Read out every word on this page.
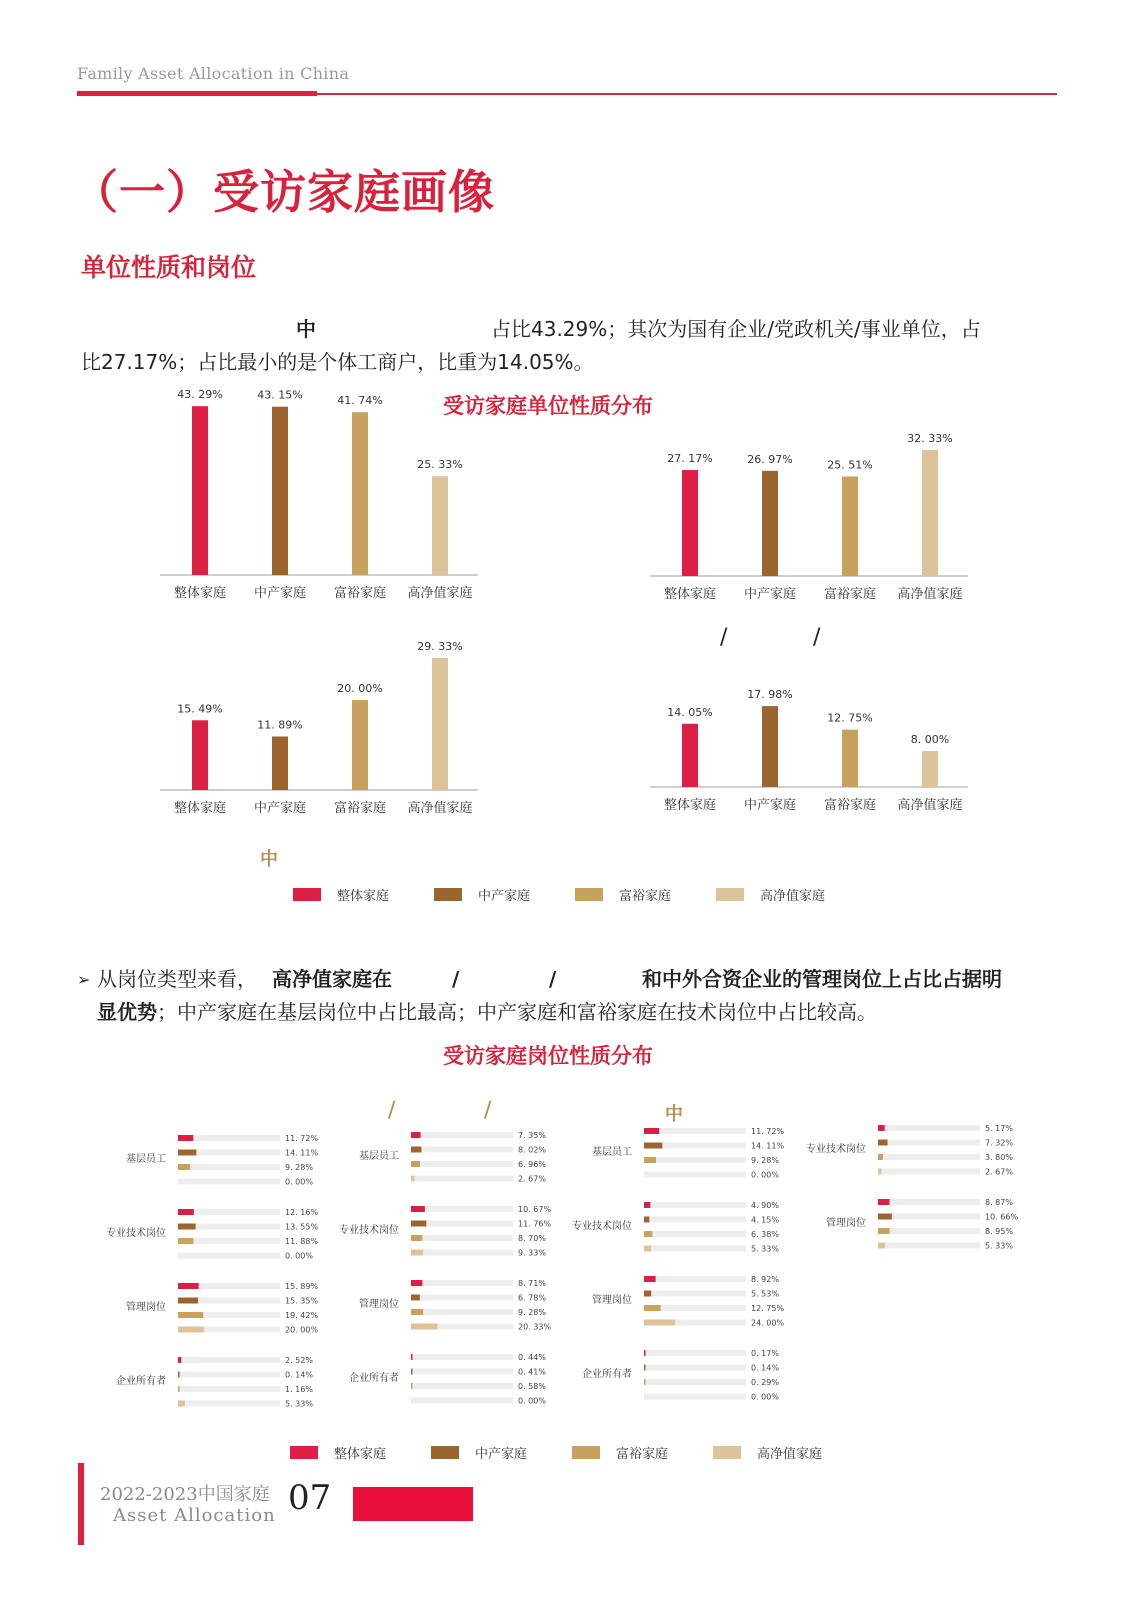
Family Asset Allocation in China
（一）受访家庭画像
单位性质和岗位
中	占比43.29%；其次为国有企业/党政机关/事业单位，占
比27.17%；占比最小的是个体工商户，比重为14.05%。
受访家庭单位性质分布
43. 29%
整体家庭
43. 15%
中产家庭
41. 74%
富裕家庭
25. 33%
高净值家庭
27. 17%
整体家庭
26. 97%
中产家庭
25. 51%
富裕家庭
32. 33%
高净值家庭
15. 49%
整体家庭
11. 89%
中产家庭
20. 00%
富裕家庭
29. 33%
高净值家庭
14. 05%
整体家庭
17. 98%
中产家庭
12. 75%
富裕家庭
8. 00%
高净值家庭
/	/
中
整体家庭	中产家庭	富裕家庭	高净值家庭
➢ 从岗位类型来看， 高净值家庭在	/	/	和中外合资企业的管理岗位上占比占据明
显优势；中产家庭在基层岗位中占比最高；中产家庭和富裕家庭在技术岗位中占比较高。
受访家庭岗位性质分布
/	/	中
基层员工
11. 72%
14. 11%
9. 28%
0. 00%
专业技术岗位
12. 16%
13. 55%
11. 88%
0. 00%
管理岗位
15. 89%
15. 35%
19. 42%
20. 00%
企业所有者
2. 52%
0. 14%
1. 16%
5. 33%
基层员工
7. 35%
8. 02%
6. 96%
2. 67%
专业技术岗位
10. 67%
11. 76%
8. 70%
9. 33%
管理岗位
8. 71%
6. 78%
9. 28%
20. 33%
企业所有者
0. 44%
0. 41%
0. 58%
0. 00%
基层员工
11. 72%
14. 11%
9. 28%
0. 00%
专业技术岗位
4. 90%
4. 15%
6. 38%
5. 33%
管理岗位
8. 92%
5. 53%
12. 75%
24. 00%
企业所有者
0. 17%
0. 14%
0. 29%
0. 00%
专业技术岗位
5. 17%
7. 32%
3. 80%
2. 67%
管理岗位
8. 87%
10. 66%
8. 95%
5. 33%
整体家庭	中产家庭	富裕家庭	高净值家庭
2022-2023中国家庭
Asset Allocation 07
